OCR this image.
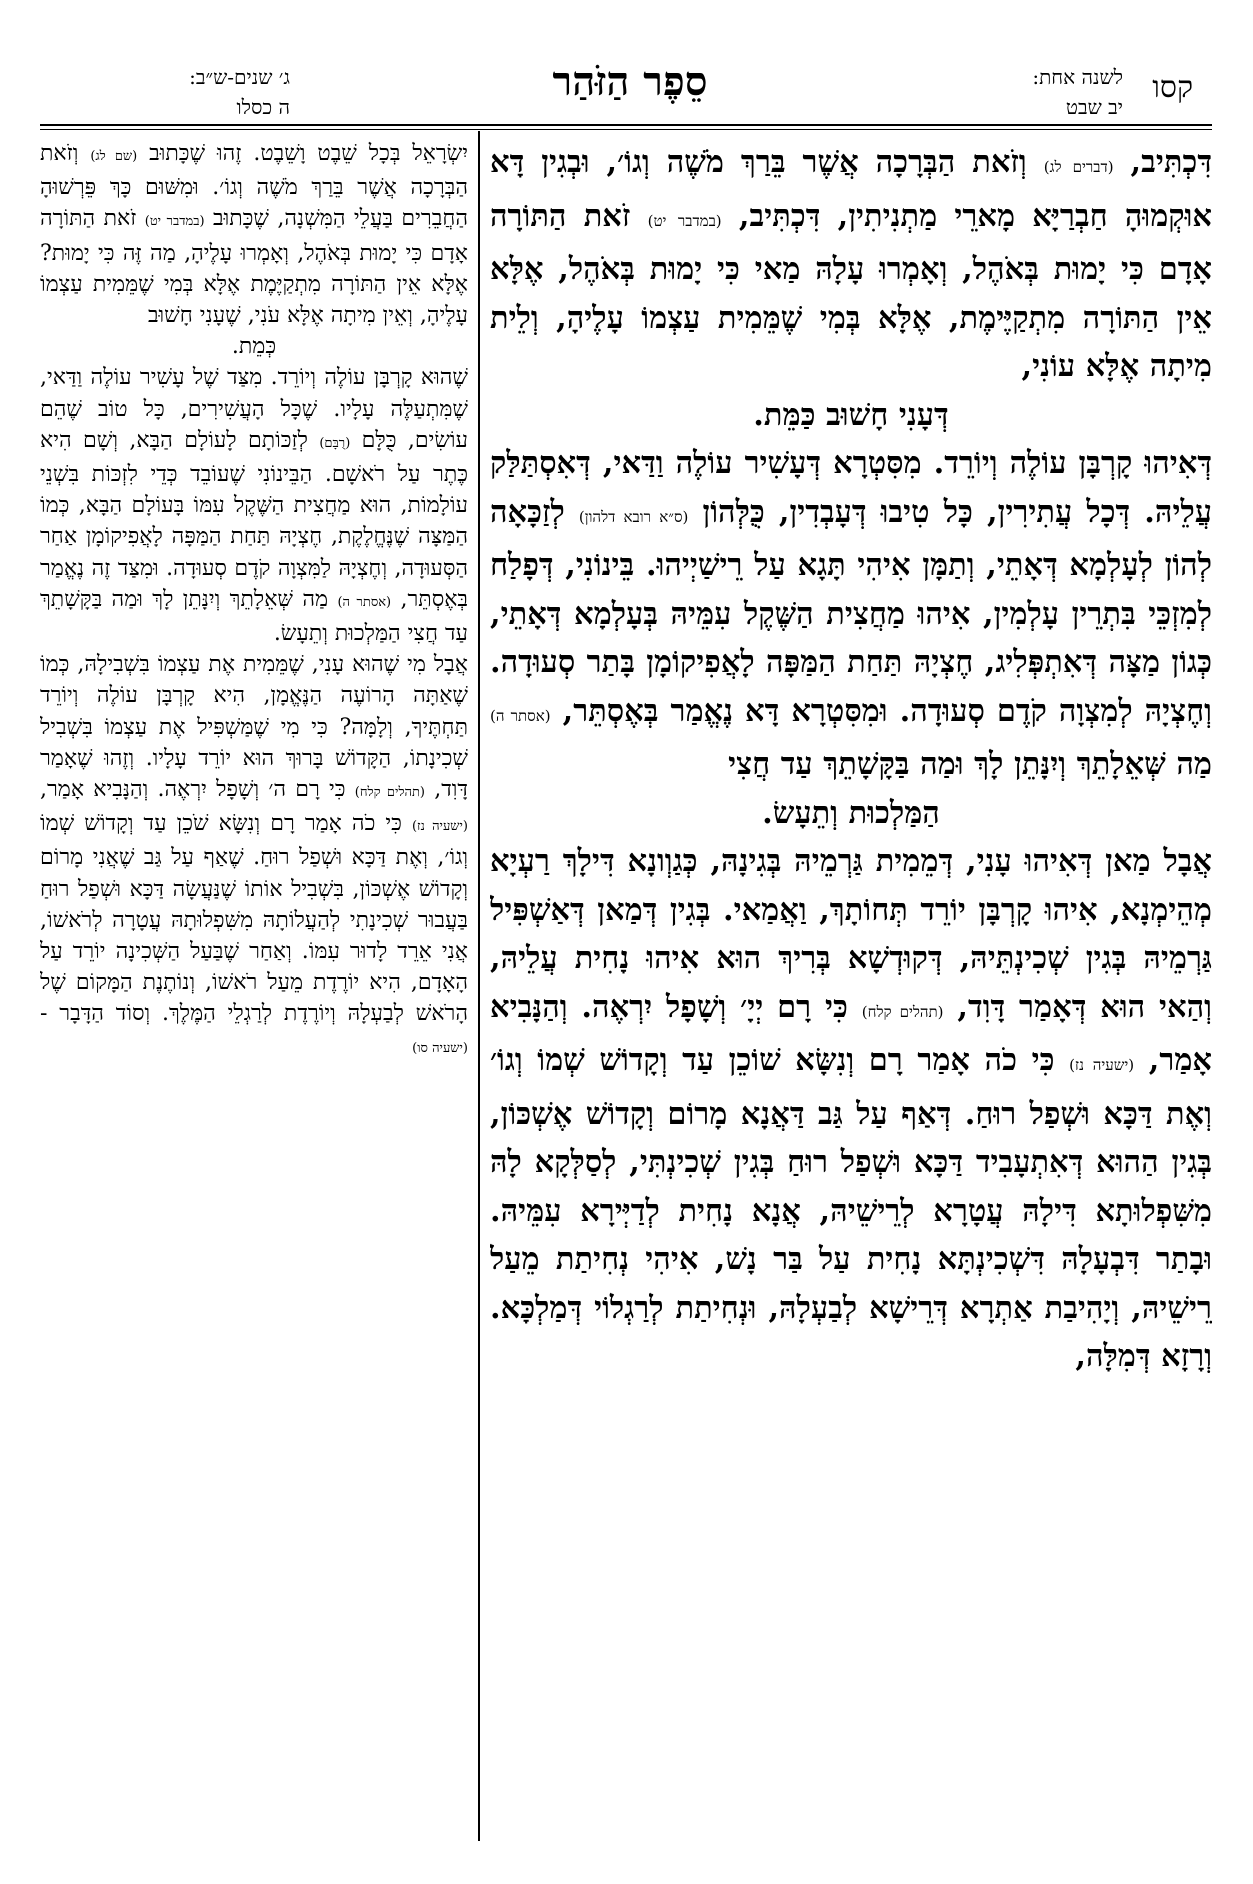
קסו
לשנה אחת:
יב שבט
סֵפֶר הַזֹּהַר
ג׳ שנים-ש״ב:
ה כסלו

דִּכְתִּיב, (דברים לג) וְזֹאת הַבְּרָכָה אֲשֶׁר בֵּרַךְ מֹשֶׁה וְגוֹ׳, וּבְגִין דָּא אוּקְמוּהָ חַבְרַיָּא מָארֵי מַתְנִיתִין, דִּכְתִּיב, (במדבר יט) זֹאת הַתּוֹרָה אָדָם כִּי יָמוּת בְּאֹהֶל, וְאָמְרוּ עָלָהּ מַאי כִּי יָמוּת בְּאֹהֶל, אֶלָּא אֵין הַתּוֹרָה מִתְקַיֶּימֶת, אֶלָּא בְּמִי שֶׁמֵּמִית עַצְמוֹ עָלֶיהָ, וְלֵית מִיתָה אֶלָּא עוֹנִי,

דְּעָנִי חָשׁוּב כַּמֵּת.

דְּאִיהוּ קָרְבָּן עוֹלֶה וְיוֹרֵד. מִסִּטְרָא דְּעָשִׁיר עוֹלֶה וַדַּאי, דְּאִסְתַּלַּק עֲלֵיהּ. דְּכָל עֲתִירִין, כָּל טִיבוּ דְּעָבְדִין, כֻּלְּהוֹן (ס״א רובא דלהון) לְזַכָּאָה לְהוֹן לְעָלְמָא דְּאָתֵי, וְתַמָּן אִיהִי תָּגָא עַל רֵישַׁיְיהוּ. בֵּינוֹנִי, דְּפָלַח לְמִזְכֵּי בִּתְרֵין עָלְמִין, אִיהוּ מַחֲצִית הַשֶּׁקֶל עִמֵּיהּ בְּעָלְמָא דְּאָתֵי, כְּגוֹן מַצָּה דְּאִתְפְּלִיג, חֶצְיָהּ תַּחַת הַמַּפָּה לָאֲפִיקוֹמָן בָּתַר סְעוּדָה. וְחֶצְיָהּ לְמִצְוָה קֹדֶם סְעוּדָה. וּמִסִּטְרָא דָּא נֶאֱמַר בְּאֶסְתֵּר, (אסתר ה) מַה שְּׁאֵלָתֵךְ וְיִנָּתֵן לָךְ וּמַה בַּקָּשָׁתֵךְ עַד חֲצִי

הַמַּלְכוּת וְתֵעָשׂ.

אֲבָל מַאן דְּאִיהוּ עָנִי, דְּמֵמִית גַּרְמֵיהּ בְּגִינָהּ, כְּגַוְונָא דִּילָךְ רַעְיָא מְהֵימְנָא, אִיהוּ קָרְבָּן יוֹרֵד תְּחוֹתָךְ, וַאֲמַאי. בְּגִין דְּמַאן דְּאַשְׁפִּיל גַּרְמֵיהּ בְּגִין שְׁכִינְתֵּיהּ, דְּקוּדְשָׁא בְּרִיךְ הוּא אִיהוּ נָחִית עֲלֵיהּ, וְהַאי הוּא דְּאָמַר דָּוִד, (תהלים קלח) כִּי רָם יְיָ׳ וְשָׁפָל יִרְאֶה. וְהַנָּבִיא אָמַר, (ישעיה נז) כִּי כֹה אָמַר רָם וְנִשָּׂא שׁוֹכֵן עַד וְקָדוֹשׁ שְׁמוֹ וְגוֹ׳ וְאֶת דַּכָּא וּשְׁפַל רוּחַ. דְּאַף עַל גַּב דַּאֲנָא מָרוֹם וְקָדוֹשׁ אֶשְׁכּוֹן, בְּגִין הַהוּא דְּאִתְעָבִיד דַּכָּא וּשְׁפַל רוּחַ בְּגִין שְׁכִינְתִּי, לְסַלְּקָא לָהּ מִשִּׁפְלוּתָא דִּילָהּ עֲטָרָא לְרֵישֵׁיהּ, אֲנָא נָחִית לְדַיְּירָא עִמֵּיהּ. וּבָתַר דִּבְעָלָהּ דִּשְׁכִינְתָּא נָחִית עַל בַּר נָשׁ, אִיהִי נְחִיתַת מֵעַל רֵישֵׁיהּ, וְיָהִיבַת אַתְרָא דְּרֵישָׁא לְבַעְלָהּ, וּנְחִיתַת לְרַגְלוֹי דְּמַלְכָּא. וְרָזָא דְּמִלָּה,

יִשְׂרָאֵל בְּכָל שֵׁבֶט וָשֵׁבֶט. זֶהוּ שֶׁכָּתוּב (שם לג) וְזֹאת הַבְּרָכָה אֲשֶׁר בֵּרַךְ מֹשֶׁה וְגוֹ׳. וּמִשּׁוּם כָּךְ פֵּרְשׁוּהָ הַחֲבֵרִים בַּעֲלֵי הַמִּשְׁנָה, שֶׁכָּתוּב (במדבר יט) זֹאת הַתּוֹרָה אָדָם כִּי יָמוּת בְּאֹהֶל, וְאָמְרוּ עָלֶיהָ, מַה זֶּה כִּי יָמוּת? אֶלָּא אֵין הַתּוֹרָה מִתְקַיֶּמֶת אֶלָּא בְּמִי שֶׁמֵּמִית עַצְמוֹ עָלֶיהָ, וְאֵין מִיתָה אֶלָּא עֹנִי, שֶׁעָנִי חָשׁוּב

כְּמֵת.

שֶׁהוּא קָרְבָּן עוֹלֶה וְיוֹרֵד. מִצַּד שֶׁל עָשִׁיר עוֹלֶה וַדַּאי, שֶׁמִּתְעַלֶּה עָלָיו. שֶׁכָּל הָעֲשִׁירִים, כָּל טוֹב שֶׁהֵם עוֹשִׂים, כֻּלָּם (רֻבָּם) לְזַכּוֹתָם לָעוֹלָם הַבָּא, וְשָׁם הִיא כֶּתֶר עַל רֹאשָׁם. הַבֵּינוֹנִי שֶׁעוֹבֵד כְּדֵי לִזְכּוֹת בִּשְׁנֵי עוֹלָמוֹת, הוּא מַחֲצִית הַשֶּׁקֶל עִמּוֹ בָּעוֹלָם הַבָּא, כְּמוֹ הַמַּצָּה שֶׁנֶּחֱלֶקֶת, חֶצְיָהּ תַּחַת הַמַּפָּה לָאֲפִיקוֹמָן אַחַר הַסְּעוּדָה, וְחֶצְיָהּ לַמִּצְוָה קֹדֶם סְעוּדָה. וּמִצַּד זֶה נֶאֱמַר בְּאֶסְתֵּר, (אסתר ה) מַה שְּׁאֵלָתֵךְ וְיִנָּתֵן לָךְ וּמַה בַּקָּשָׁתֵךְ עַד חֲצִי הַמַּלְכוּת וְתֵעָשׂ.

אֲבָל מִי שֶׁהוּא עָנִי, שֶׁמֵּמִית אֶת עַצְמוֹ בִּשְׁבִילָהּ, כְּמוֹ שֶׁאַתָּה הָרוֹעֶה הַנֶּאֱמָן, הִיא קָרְבָּן עוֹלֶה וְיוֹרֵד תַּחְתֶּיךָ, וְלָמָּה? כִּי מִי שֶׁמַּשְׁפִּיל אֶת עַצְמוֹ בִּשְׁבִיל שְׁכִינָתוֹ, הַקָּדוֹשׁ בָּרוּךְ הוּא יוֹרֵד עָלָיו. וְזֶהוּ שֶׁאָמַר דָּוִד, (תהלים קלח) כִּי רָם ה׳ וְשָׁפָל יִרְאֶה. וְהַנָּבִיא אָמַר, (ישעיה נז) כִּי כֹה אָמַר רָם וְנִשָּׂא שֹׁכֵן עַד וְקָדוֹשׁ שְׁמוֹ וְגוֹ׳, וְאֶת דַּכָּא וּשְׁפַל רוּחַ. שֶׁאַף עַל גַּב שֶׁאֲנִי מָרוֹם וְקָדוֹשׁ אֶשְׁכּוֹן, בִּשְׁבִיל אוֹתוֹ שֶׁנַּעֲשָׂה דַּכָּא וּשְׁפַל רוּחַ בַּעֲבוּר שְׁכִינָתִי לְהַעֲלוֹתָהּ מִשִּׁפְלוּתָהּ עֲטָרָה לְרֹאשׁוֹ, אֲנִי אֵרֵד לָדוּר עִמּוֹ. וְאַחַר שֶׁבַּעַל הַשְּׁכִינָה יוֹרֵד עַל הָאָדָם, הִיא יוֹרֶדֶת מֵעַל רֹאשׁוֹ, וְנוֹתֶנֶת הַמָּקוֹם שֶׁל הָרֹאשׁ לְבַעְלָהּ וְיוֹרֶדֶת לְרַגְלֵי הַמֶּלֶךְ. וְסוֹד הַדָּבָר - (ישעיה סו)
